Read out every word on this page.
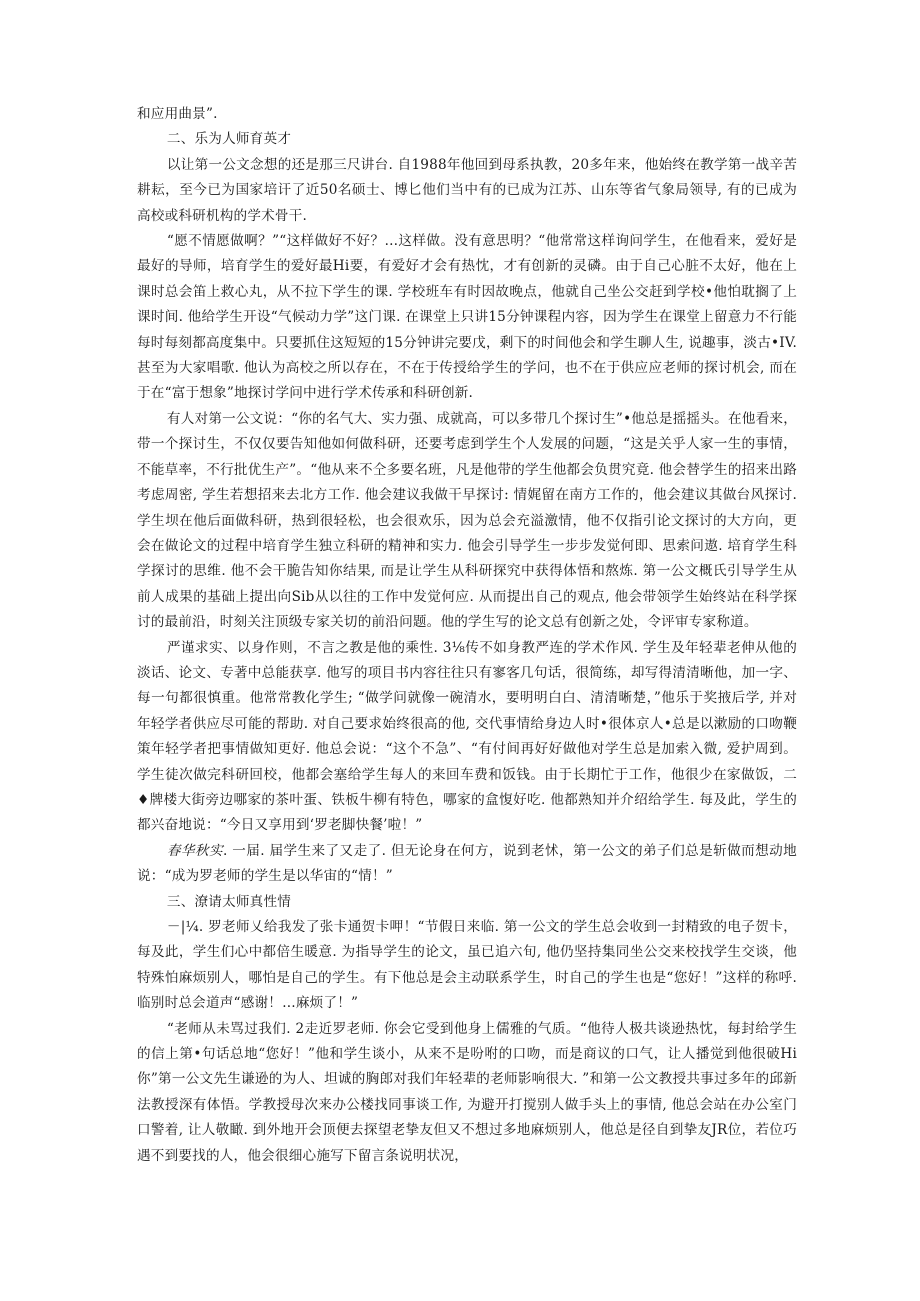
和应用曲景”.

二、乐为人师育英才

以让第一公文念想的还是那三尺讲台. 自1988年他回到母系执教，20多年来，他始终在教学第一战辛苦耕耘，至今已为国家培讦了近50名硕士、博匕他们当中有的已成为江苏、山东等省气象局领导, 有的已成为高校或科研机构的学术骨干.

“愿不情愿做啊？”“这样做好不好？…这样做。没有意思明？“他常常这样询问学生，在他看来，爱好是最好的导师，培育学生的爱好最Hi要，有爱好才会有热忱，才有创新的灵磷。由于自己心脏不太好，他在上课时总会笛上救心丸，从不拉下学生的课. 学校班车有时因故晚点，他就自己坐公交赶到学校•他怕耽搁了上课时间. 他给学生开设“气候动力学”这门课. 在课堂上只讲15分钟课程内容，因为学生在课堂上留意力不行能每时每刻都高度集中。只要抓住这短短的15分钟讲完要戊，剩下的时间他会和学生聊人生, 说趣事，淡古•IV. 甚至为大家唱歌. 他认为高校之所以存在，不在于传授给学生的学问，也不在于供应应老师的探讨机会, 而在于在“富于想象”地探讨学问中进行学术传承和科研创新.

有人对第一公文说：“你的名气大、实力强、成就高，可以多带几个探讨生”•他总是摇摇头。在他看来，带一个探讨生，不仅仅要告知他如何做科研，还要考虑到学生个人发展的问题，“这是关乎人家一生的事情，不能草率，不行批优生产”。“他从来不仝多要名班，凡是他带的学生他都会负贯究竟. 他会替学生的招来出路考虑周密, 学生若想招来去北方工作. 他会建议我做干早探讨: 情娓留在南方工作的，他会建议其做台风探讨. 学生坝在他后面做科研，热到很轻松，也会很欢乐，因为总会充溢激情，他不仅指引论文探讨的大方向，更会在做论文的过程中培育学生独立科研的精神和实力. 他会引导学生一步步发觉何即、思索问遨. 培育学生科学探讨的思维. 他不会干脆告知你结果, 而是让学生从科研探究中获得体悟和熬炼. 第一公文概氏引导学生从前人成果的基础上提出向Sib从以往的工作中发觉何应. 从而提出自己的观点, 他会带领学生始终站在科学探讨的最前沿，时刻关注顶级专家关切的前沿问题。他的学生写的论文总有创新之处，令评审专家称道。

严谨求实、以身作则，不言之教是他的乘性. 3⅛传不如身教严连的学术作风. 学生及年轻辈老伸从他的淡话、论文、专著中总能获享. 他写的项目书内容往往只有寥客几句话，很简练，却写得清清晰他，加一字、每一句都很慎重。他常常教化学生; “做学问就像一碗清水，要明明白白、清清晰楚，”他乐于奖掖后学, 并对年轻学者供应尽可能的帮助. 对自己要求始终很高的他, 交代事情给身边人时•很体京人•总是以漱励的口吻鞭策年轻学者把事情做知更好. 他总会说：“这个不急”、“有付间再好好做他对学生总是加索入微, 爱护周到。学生徒次做完科研回校，他都会塞给学生每人的来回车费和饭钱。由于长期忙于工作，他很少在家做饭，二♦牌楼大街旁边哪家的茶叶蛋、铁板牛柳有特色，哪家的盒愎好吃. 他都熟知并介绍给学生. 每及此，学生的都兴奋地说：“今日又享用到‘罗老脚快餐’啦！”

春华秋实. 一届. 届学生来了又走了. 但无论身在何方，说到老怵，第一公文的弟子们总是斩做而想动地说：“成为罗老师的学生是以华宙的“情！”

三、潦请太师真性情

－|¼. 罗老师乂给我发了张卡通贺卡呷！“节假日来临. 第一公文的学生总会收到一封精致的电子贺卡，每及此，学生们心中都倍生暖意. 为指导学生的论文，虽已追六旬, 他仍坚持集同坐公交来校找学生交谈，他特殊怕麻烦别人，哪怕是自己的学生。有下他总是会主动联系学生，时自己的学生也是“您好！”这样的称呼. 临别时总会道声“感谢！…麻烦了！”

“老师从未骂过我们. 2走近罗老师. 你会它受到他身上儒雅的气质。“他待人极共谈逊热忱，每封给学生的信上第•句话总地“您好！”他和学生谈小，从来不是吩咐的口吻，而是商议的口气，让人播觉到他很破Hi你”第一公文先生谦逊的为人、坦诚的胸郎对我们年轻辈的老师影响很大. ”和第一公文教授共事过多年的邱新法教授深有体悟。学教授母次来办公楼找同事谈工作, 为避开打搅别人做手头上的事情, 他总会站在办公室门口警着, 让人敬瞰. 到外地开会顶便去探望老挚友但又不想过多地麻烦别人，他总是径自到挚友JR位，若位巧遇不到要找的人，他会很细心施写下留言条说明状况，
